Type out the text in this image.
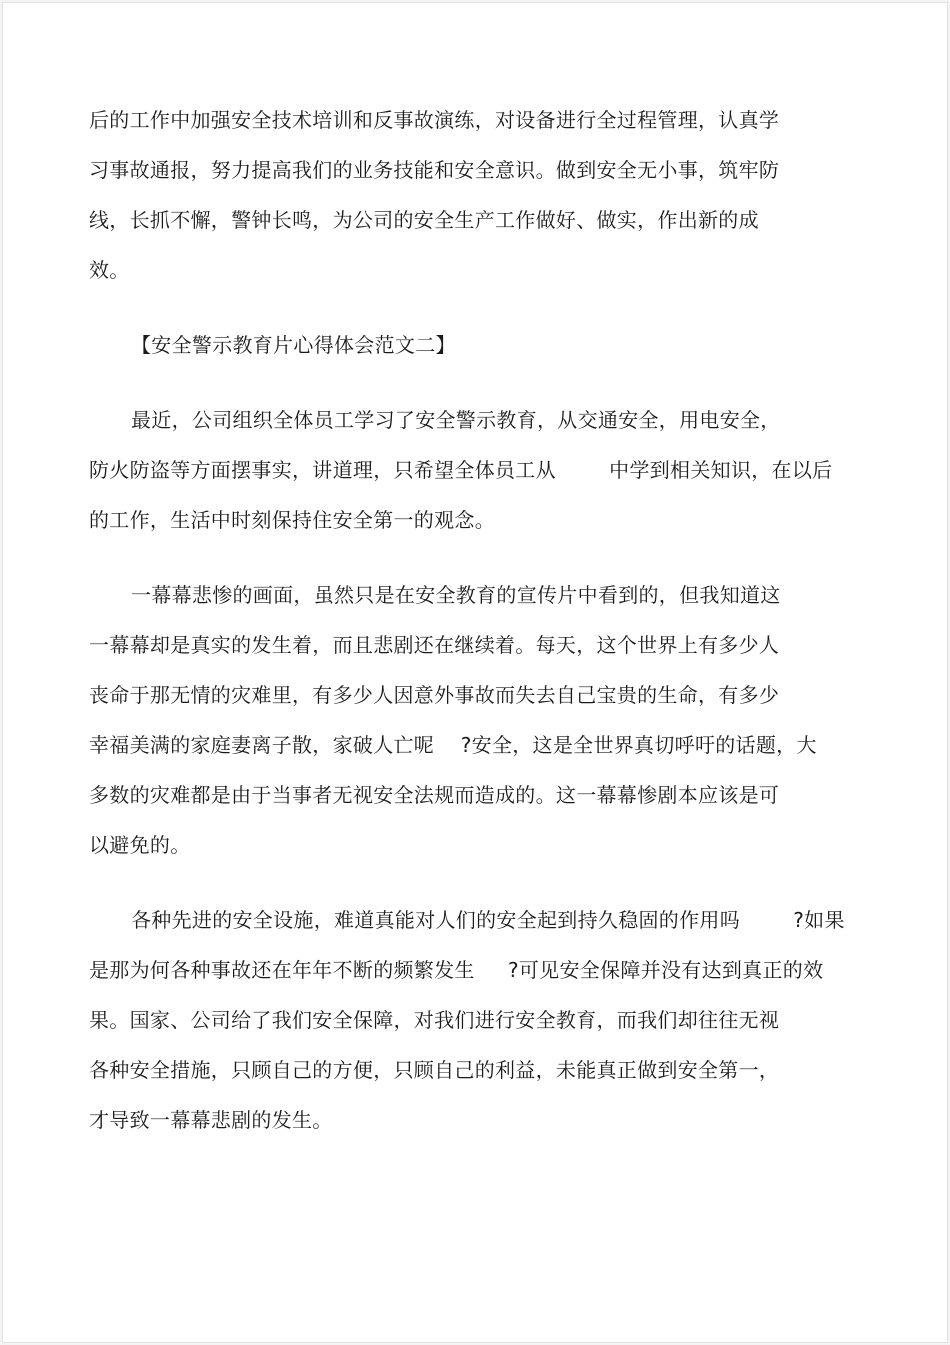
后的工作中加强安全技术培训和反事故演练，对设备进行全过程管理，认真学
习事故通报，努力提高我们的业务技能和安全意识。做到安全无小事，筑牢防
线，长抓不懈，警钟长鸣，为公司的安全生产工作做好、做实，作出新的成
效。
【安全警示教育片心得体会范文二】
最近，公司组织全体员工学习了安全警示教育，从交通安全，用电安全，
防火防盗等方面摆事实，讲道理，只希望全体员工从        中学到相关知识，在以后
的工作，生活中时刻保持住安全第一的观念。
一幕幕悲惨的画面，虽然只是在安全教育的宣传片中看到的，但我知道这
一幕幕却是真实的发生着，而且悲剧还在继续着。每天，这个世界上有多少人
丧命于那无情的灾难里，有多少人因意外事故而失去自己宝贵的生命，有多少
幸福美满的家庭妻离子散，家破人亡呢    ?安全，这是全世界真切呼吁的话题，大
多数的灾难都是由于当事者无视安全法规而造成的。这一幕幕惨剧本应该是可
以避免的。
各种先进的安全设施，难道真能对人们的安全起到持久稳固的作用吗        ?如果
是那为何各种事故还在年年不断的频繁发生     ?可见安全保障并没有达到真正的效
果。国家、公司给了我们安全保障，对我们进行安全教育，而我们却往往无视
各种安全措施，只顾自己的方便，只顾自己的利益，未能真正做到安全第一，
才导致一幕幕悲剧的发生。
